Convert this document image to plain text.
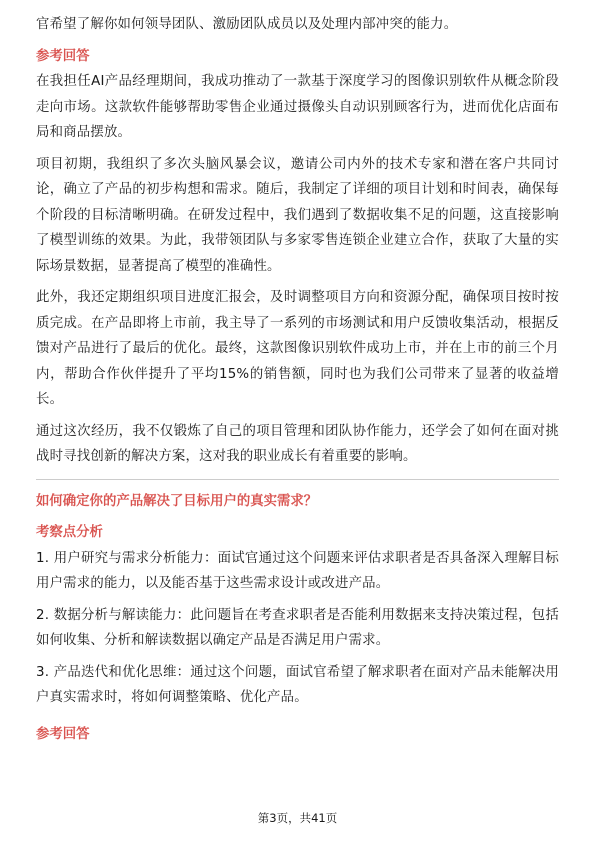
官希望了解你如何领导团队、激励团队成员以及处理内部冲突的能力。

参考回答

在我担任AI产品经理期间，我成功推动了一款基于深度学习的图像识别软件从概念阶段走向市场。这款软件能够帮助零售企业通过摄像头自动识别顾客行为，进而优化店面布局和商品摆放。

项目初期，我组织了多次头脑风暴会议，邀请公司内外的技术专家和潜在客户共同讨论，确立了产品的初步构想和需求。随后，我制定了详细的项目计划和时间表，确保每个阶段的目标清晰明确。在研发过程中，我们遇到了数据收集不足的问题，这直接影响了模型训练的效果。为此，我带领团队与多家零售连锁企业建立合作，获取了大量的实际场景数据，显著提高了模型的准确性。

此外，我还定期组织项目进度汇报会，及时调整项目方向和资源分配，确保项目按时按质完成。在产品即将上市前，我主导了一系列的市场测试和用户反馈收集活动，根据反馈对产品进行了最后的优化。最终，这款图像识别软件成功上市，并在上市的前三个月内，帮助合作伙伴提升了平均15%的销售额，同时也为我们公司带来了显著的收益增长。

通过这次经历，我不仅锻炼了自己的项目管理和团队协作能力，还学会了如何在面对挑战时寻找创新的解决方案，这对我的职业成长有着重要的影响。

如何确定你的产品解决了目标用户的真实需求？

考察点分析

1. 用户研究与需求分析能力：面试官通过这个问题来评估求职者是否具备深入理解目标用户需求的能力，以及能否基于这些需求设计或改进产品。

2. 数据分析与解读能力：此问题旨在考查求职者是否能利用数据来支持决策过程，包括如何收集、分析和解读数据以确定产品是否满足用户需求。

3. 产品迭代和优化思维：通过这个问题，面试官希望了解求职者在面对产品未能解决用户真实需求时，将如何调整策略、优化产品。

参考回答

第3页，共41页
